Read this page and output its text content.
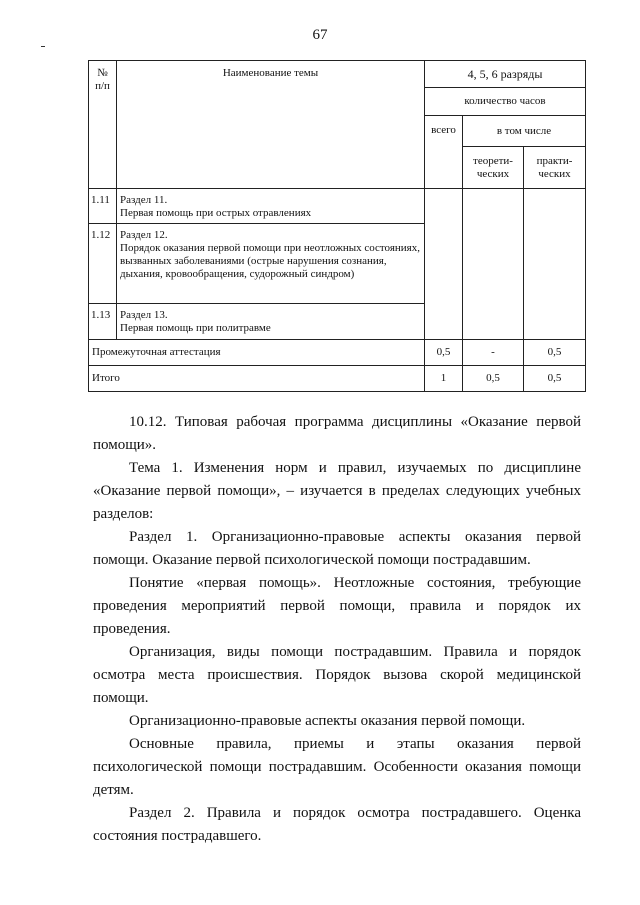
67
№ п/п	Наименование темы	4, 5, 6 разряды		
		количество часов		
		всего	в том числе	
			теорети-ческих	практи-ческих
1.11	Раздел 11.
Первая помощь при острых отравлениях			

1.12	Раздел 12.
Порядок оказания первой помощи при неотложных состояниях, вызванных заболеваниями (острые нарушения сознания, дыхания, кровообращения, судорожный синдром)			

1.13	Раздел 13.
Первая помощь при политравме			

Промежуточная аттестация		0,5	-	0,5
Итого		1	0,5	0,5

10.12. Типовая рабочая программа дисциплины «Оказание первой помощи».

Тема 1. Изменения норм и правил, изучаемых по дисциплине «Оказание первой помощи», – изучается в пределах следующих учебных разделов:

Раздел 1. Организационно-правовые аспекты оказания первой помощи. Оказание первой психологической помощи пострадавшим.

Понятие «первая помощь». Неотложные состояния, требующие проведения мероприятий первой помощи, правила и порядок их проведения.

Организация, виды помощи пострадавшим. Правила и порядок осмотра места происшествия. Порядок вызова скорой медицинской помощи.

Организационно-правовые аспекты оказания первой помощи.

Основные правила, приемы и этапы оказания первой психологической помощи пострадавшим. Особенности оказания помощи детям.

Раздел 2. Правила и порядок осмотра пострадавшего. Оценка состояния пострадавшего.
